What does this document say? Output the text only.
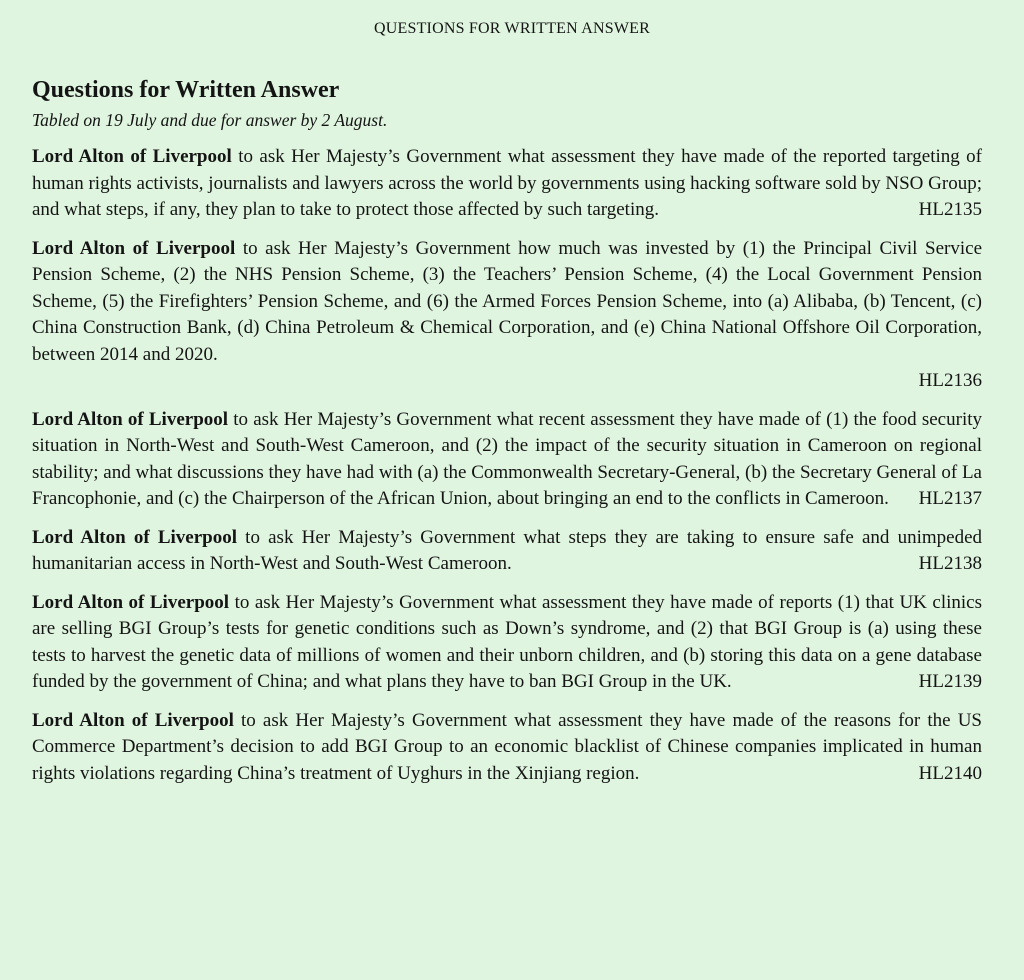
QUESTIONS FOR WRITTEN ANSWER
Questions for Written Answer
Tabled on 19 July and due for answer by 2 August.

Lord Alton of Liverpool to ask Her Majesty’s Government what assessment they have made of the reported targeting of human rights activists, journalists and lawyers across the world by governments using hacking software sold by NSO Group; and what steps, if any, they plan to take to protect those affected by such targeting.	HL2135

Lord Alton of Liverpool to ask Her Majesty’s Government how much was invested by (1) the Principal Civil Service Pension Scheme, (2) the NHS Pension Scheme, (3) the Teachers’ Pension Scheme, (4) the Local Government Pension Scheme, (5) the Firefighters’ Pension Scheme, and (6) the Armed Forces Pension Scheme, into (a) Alibaba, (b) Tencent, (c) China Construction Bank, (d) China Petroleum & Chemical Corporation, and (e) China National Offshore Oil Corporation, between 2014 and 2020.
HL2136

Lord Alton of Liverpool to ask Her Majesty’s Government what recent assessment they have made of (1) the food security situation in North-West and South-West Cameroon, and (2) the impact of the security situation in Cameroon on regional stability; and what discussions they have had with (a) the Commonwealth Secretary-General, (b) the Secretary General of La Francophonie, and (c) the Chairperson of the African Union, about bringing an end to the conflicts in Cameroon. HL2137

Lord Alton of Liverpool to ask Her Majesty’s Government what steps they are taking to ensure safe and unimpeded humanitarian access in North-West and South-West Cameroon.	HL2138

Lord Alton of Liverpool to ask Her Majesty’s Government what assessment they have made of reports (1) that UK clinics are selling BGI Group’s tests for genetic conditions such as Down’s syndrome, and (2) that BGI Group is (a) using these tests to harvest the genetic data of millions of women and their unborn children, and (b) storing this data on a gene database funded by the government of China; and what plans they have to ban BGI Group in the UK.	HL2139

Lord Alton of Liverpool to ask Her Majesty’s Government what assessment they have made of the reasons for the US Commerce Department’s decision to add BGI Group to an economic blacklist of Chinese companies implicated in human rights violations regarding China’s treatment of Uyghurs in the Xinjiang region.	HL2140
